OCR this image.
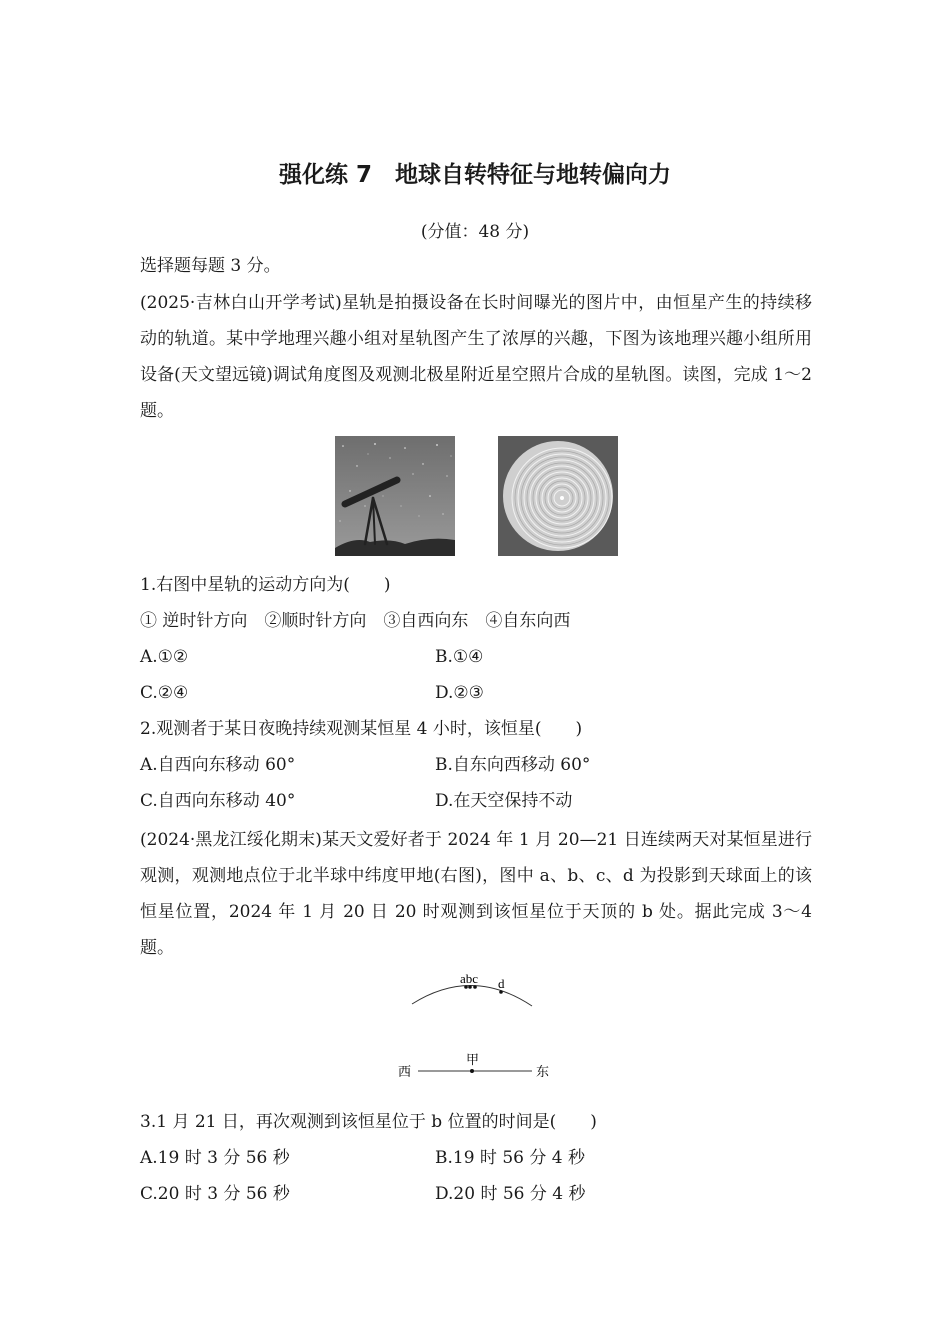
强化练 7　地球自转特征与地转偏向力
(分值：48 分)
选择题每题 3 分。
(2025·吉林白山开学考试)星轨是拍摄设备在长时间曝光的图片中，由恒星产生的持续移动的轨道。某中学地理兴趣小组对星轨图产生了浓厚的兴趣，下图为该地理兴趣小组所用设备(天文望远镜)调试角度图及观测北极星附近星空照片合成的星轨图。读图，完成 1～2 题。
1.右图中星轨的运动方向为(　　)
① 逆时针方向　②顺时针方向　③自西向东　④自东向西
A.①②	B.①④
C.②④	D.②③
2.观测者于某日夜晚持续观测某恒星 4 小时，该恒星(　　)
A.自西向东移动 60°	B.自东向西移动 60°
C.自西向东移动 40°	D.在天空保持不动
(2024·黑龙江绥化期末)某天文爱好者于 2024 年 1 月 20—21 日连续两天对某恒星进行观测，观测地点位于北半球中纬度甲地(右图)，图中 a、b、c、d 为投影到天球面上的该恒星位置，2024 年 1 月 20 日 20 时观测到该恒星位于天顶的 b 处。据此完成 3～4 题。
abc d
甲
西	东
3.1 月 21 日，再次观测到该恒星位于 b 位置的时间是(　　)
A.19 时 3 分 56 秒	B.19 时 56 分 4 秒
C.20 时 3 分 56 秒	D.20 时 56 分 4 秒
